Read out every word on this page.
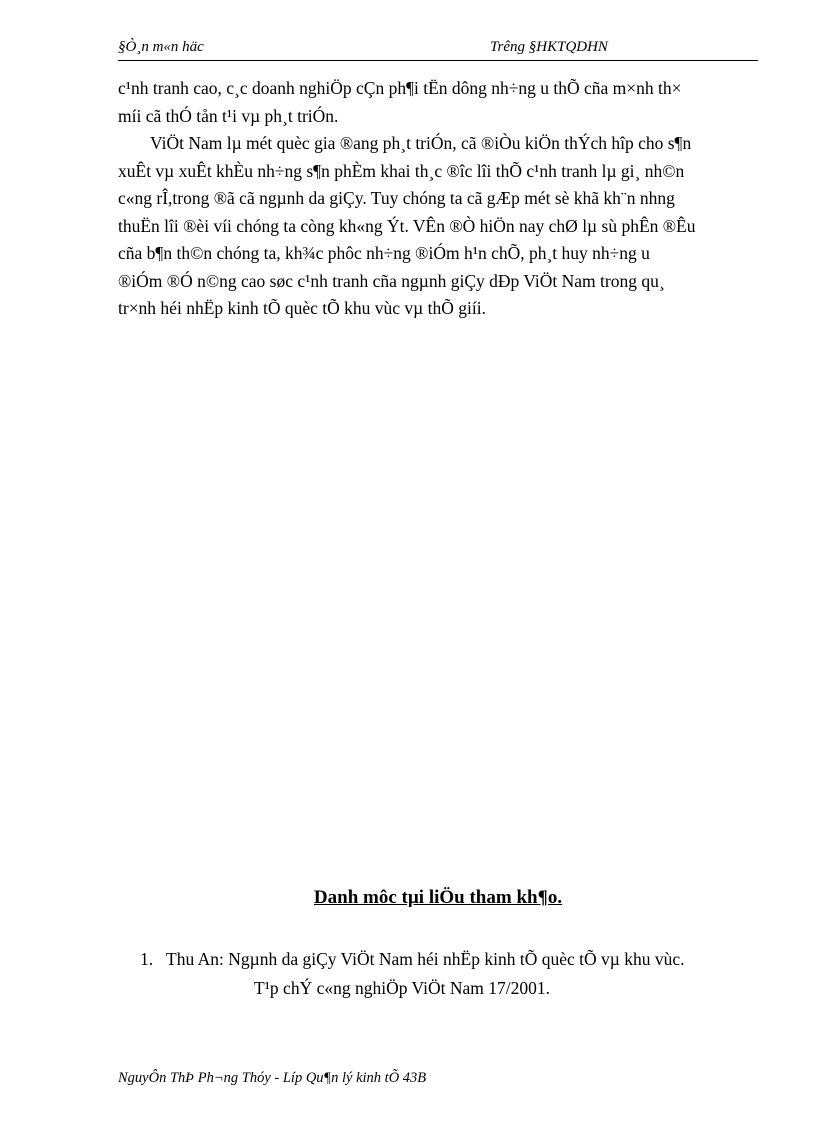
§Ò¸n m«n häc	Trêng §HKTQDHN

c¹nh tranh cao, c¸c doanh nghiÖp cÇn ph¶i tËn dông nh÷ng u thÕ cña m×nh th×
míi cã thÓ tån t¹i vµ ph¸t triÓn.

ViÖt Nam lµ mét quèc gia ®ang ph¸t triÓn, cã ®iÒu kiÖn thÝch hîp cho s¶n
xuÊt vµ xuÊt khÈu nh÷ng s¶n phÈm khai th¸c ®îc lîi thÕ c¹nh tranh lµ gi¸ nh©n
c«ng rÎ,trong ®ã cã ngµnh da giÇy. Tuy chóng ta cã gÆp mét sè khã kh¨n nhng
thuËn lîi ®èi víi chóng ta còng kh«ng Ýt. VÊn ®Ò hiÖn nay chØ lµ sù phÊn ®Êu
cña b¶n th©n chóng ta, kh¾c phôc nh÷ng ®iÓm h¹n chÕ, ph¸t huy nh÷ng u
®iÓm ®Ó n©ng cao søc c¹nh tranh cña ngµnh giÇy dÐp ViÖt Nam trong qu¸
tr×nh héi nhËp kinh tÕ quèc tÕ khu vùc vµ thÕ giíi.

Danh môc tµi liÖu tham kh¶o.
1. Thu An: Ngµnh da giÇy ViÖt Nam héi nhËp kinh tÕ quèc tÕ vµ khu vùc.
T¹p chÝ c«ng nghiÖp ViÖt Nam 17/2001.
NguyÔn ThÞ Ph¬ng Thóy - Líp Qu¶n lý kinh tÕ 43B
